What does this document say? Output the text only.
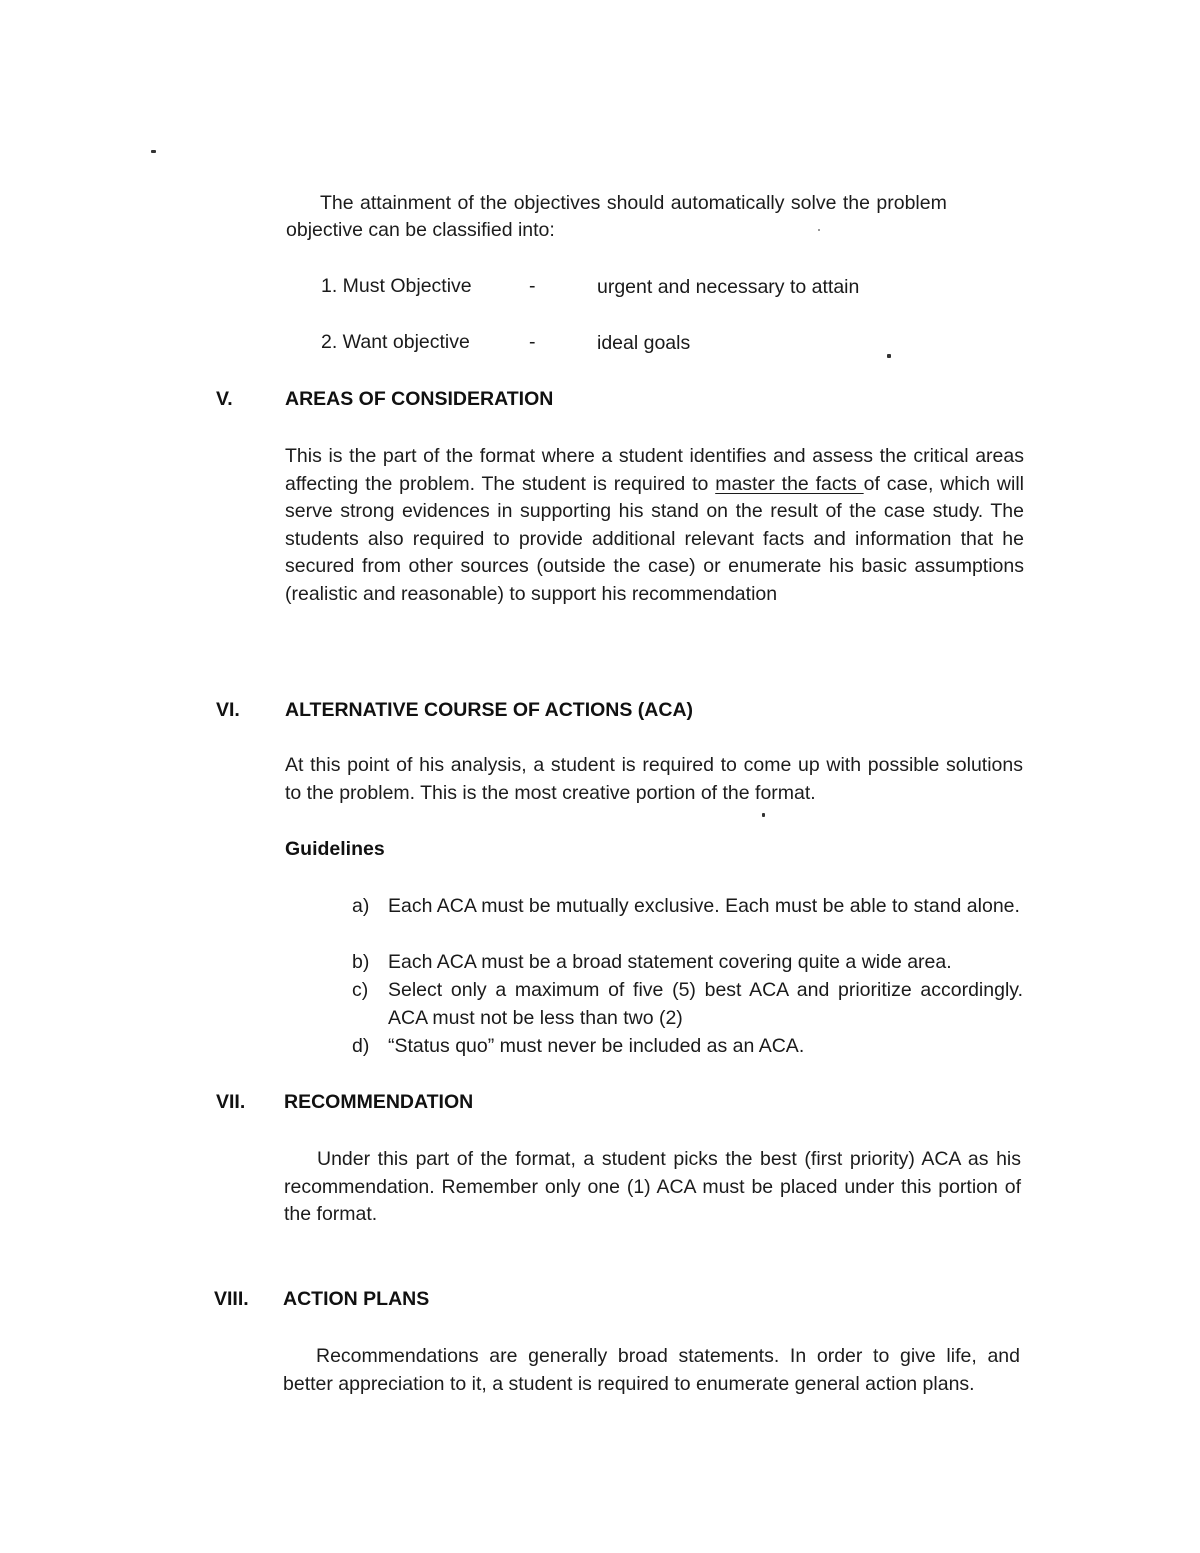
The attainment of the objectives should automatically solve the problem
objective can be classified into:
1. Must Objective	-	urgent and necessary to attain
2. Want objective	-	ideal goals
V.	AREAS OF CONSIDERATION
This is the part of the format where a student identifies and assess the critical areas affecting the problem. The student is required to master the facts of case, which will serve strong evidences in supporting his stand on the result of the case study. The students also required to provide additional relevant facts and information that he secured from other sources (outside the case) or enumerate his basic assumptions (realistic and reasonable) to support his recommendation
VI. ALTERNATIVE COURSE OF ACTIONS (ACA)
At this point of his analysis, a student is required to come up with possible solutions to the problem. This is the most creative portion of the format.
Guidelines
a) Each ACA must be mutually exclusive. Each must be able to stand alone.
b) Each ACA must be a broad statement covering quite a wide area.
c) Select only a maximum of five (5) best ACA and prioritize accordingly. ACA must not be less than two (2)
d) “Status quo” must never be included as an ACA.
VII. RECOMMENDATION
Under this part of the format, a student picks the best (first priority) ACA as his recommendation. Remember only one (1) ACA must be placed under this portion of the format.
VIII. ACTION PLANS
Recommendations are generally broad statements. In order to give life, and better appreciation to it, a student is required to enumerate general action plans.
